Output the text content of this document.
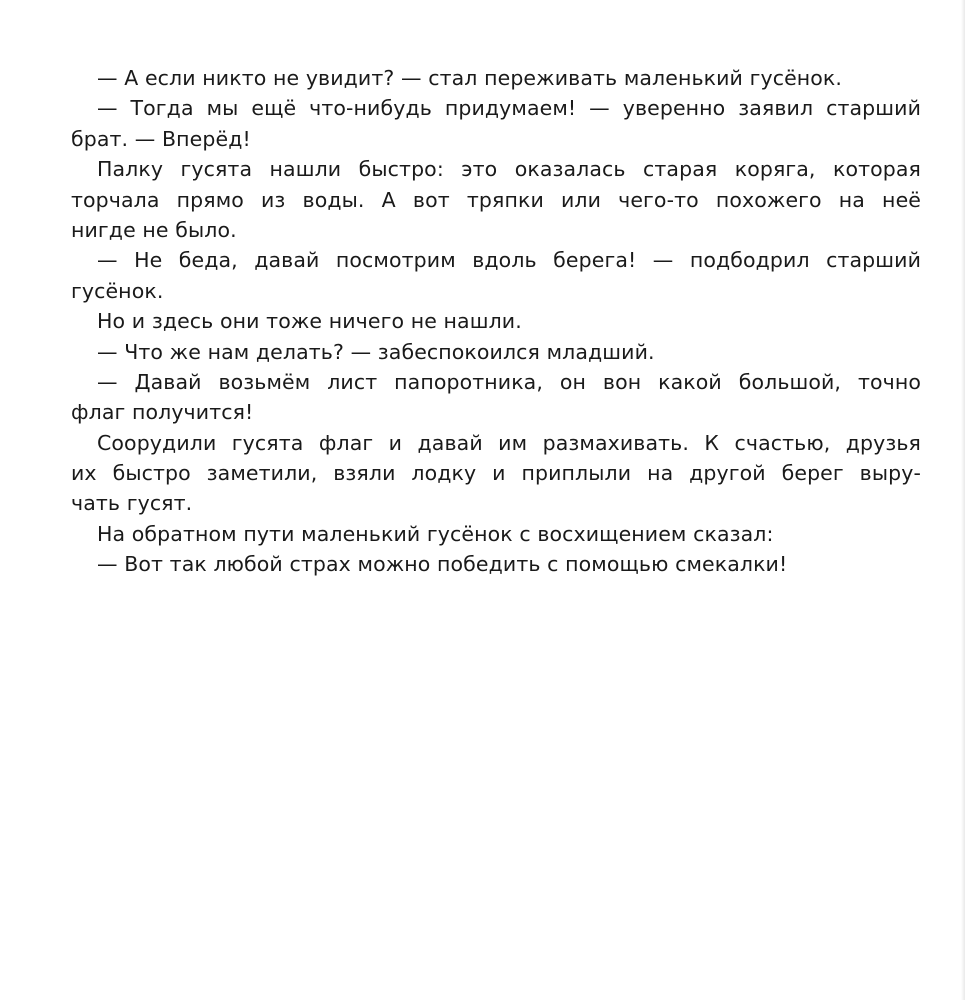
— А если никто не увидит? — стал переживать маленький гусёнок.
— Тогда мы ещё что-нибудь придумаем! — уверенно заявил старший
брат. — Вперёд!
Палку гусята нашли быстро: это оказалась старая коряга, которая
торчала прямо из воды. А вот тряпки или чего-то похожего на неё
нигде не было.
— Не беда, давай посмотрим вдоль берега! — подбодрил старший
гусёнок.
Но и здесь они тоже ничего не нашли.
— Что же нам делать? — забеспокоился младший.
— Давай возьмём лист папоротника, он вон какой большой, точно
флаг получится!
Соорудили гусята флаг и давай им размахивать. К счастью, друзья
их быстро заметили, взяли лодку и приплыли на другой берег выру-
чать гусят.
На обратном пути маленький гусёнок с восхищением сказал:
— Вот так любой страх можно победить с помощью смекалки!
